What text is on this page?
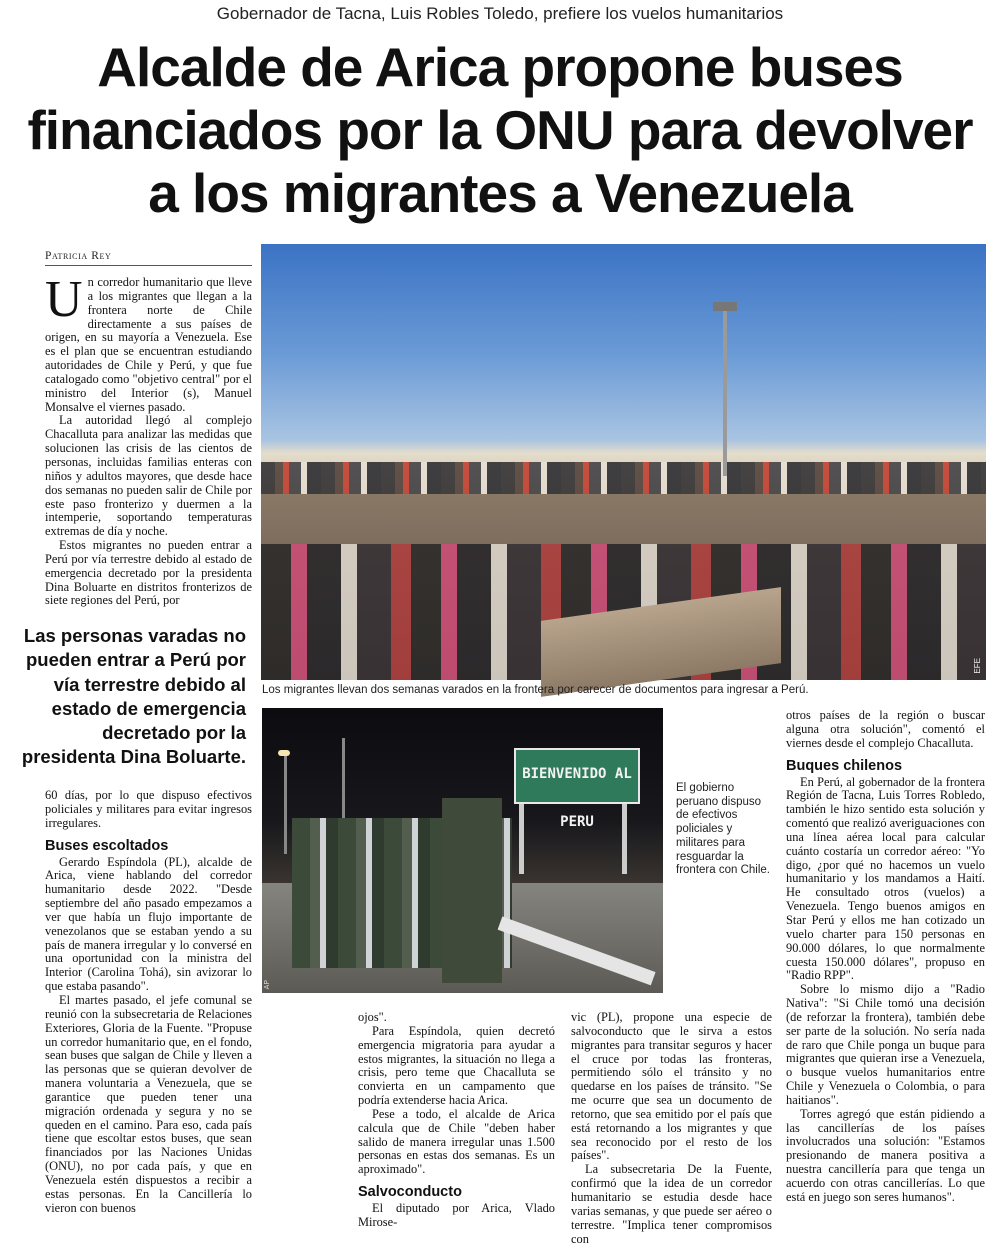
Gobernador de Tacna, Luis Robles Toledo, prefiere los vuelos humanitarios
Alcalde de Arica propone buses
financiados por la ONU para devolver
a los migrantes a Venezuela
Patricia Rey
U n corredor humanitario que lleve a los migrantes que llegan a la frontera norte de Chile directamente a sus países de origen, en su mayoría a Venezuela. Ese es el plan que se encuentran estudiando autoridades de Chile y Perú, y que fue catalogado como "objetivo central" por el ministro del Interior (s), Manuel Monsalve el viernes pasado.

La autoridad llegó al complejo Chacalluta para analizar las medidas que solucionen las crisis de las cientos de personas, incluidas familias enteras con niños y adultos mayores, que desde hace dos semanas no pueden salir de Chile por este paso fronterizo y duermen a la intemperie, soportando temperaturas extremas de día y noche.

Estos migrantes no pueden entrar a Perú por vía terrestre debido al estado de emergencia decretado por la presidenta Dina Boluarte en distritos fronterizos de siete regiones del Perú, por

Las personas varadas no pueden entrar a Perú por vía terrestre debido al estado de emergencia decretado por la presidenta Dina Boluarte.

60 días, por lo que dispuso efectivos policiales y militares para evitar ingresos irregulares.

Buses escoltados

Gerardo Espíndola (PL), alcalde de Arica, viene hablando del corredor humanitario desde 2022. "Desde septiembre del año pasado empezamos a ver que había un flujo importante de venezolanos que se estaban yendo a su país de manera irregular y lo conversé en una oportunidad con la ministra del Interior (Carolina Tohá), sin avizorar lo que estaba pasando".

El martes pasado, el jefe comunal se reunió con la subsecretaria de Relaciones Exteriores, Gloria de la Fuente. "Propuse un corredor humanitario que, en el fondo, sean buses que salgan de Chile y lleven a las personas que se quieran devolver de manera voluntaria a Venezuela, que se garantice que pueden tener una migración ordenada y segura y no se queden en el camino. Para eso, cada país tiene que escoltar estos buses, que sean financiados por las Naciones Unidas (ONU), no por cada país, y que en Venezuela estén dispuestos a recibir a estas personas. En la Cancillería lo vieron con buenos

EFE
Los migrantes llevan dos semanas varados en la frontera por carecer de documentos para ingresar a Perú.
BIENVENIDO AL PERU
AP
El gobierno peruano dispuso de efectivos policiales y militares para resguardar la frontera con Chile.

ojos".

Para Espíndola, quien decretó emergencia migratoria para ayudar a estos migrantes, la situación no llega a crisis, pero teme que Chacalluta se convierta en un campamento que podría extenderse hacia Arica.

Pese a todo, el alcalde de Arica calcula que de Chile "deben haber salido de manera irregular unas 1.500 personas en estas dos semanas. Es un aproximado".

Salvoconducto

El diputado por Arica, Vlado Mirose-

vic (PL), propone una especie de salvoconducto que le sirva a estos migrantes para transitar seguros y hacer el cruce por todas las fronteras, permitiendo sólo el tránsito y no quedarse en los países de tránsito. "Se me ocurre que sea un documento de retorno, que sea emitido por el país que está retornando a los migrantes y que sea reconocido por el resto de los países".

La subsecretaria De la Fuente, confirmó que la idea de un corredor humanitario se estudia desde hace varias semanas, y que puede ser aéreo o terrestre. "Implica tener compromisos con

otros países de la región o buscar alguna otra solución", comentó el viernes desde el complejo Chacalluta.

Buques chilenos

En Perú, al gobernador de la frontera Región de Tacna, Luis Torres Robledo, también le hizo sentido esta solución y comentó que realizó averiguaciones con una línea aérea local para calcular cuánto costaría un corredor aéreo: "Yo digo, ¿por qué no hacemos un vuelo humanitario y los mandamos a Haití. He consultado otros (vuelos) a Venezuela. Tengo buenos amigos en Star Perú y ellos me han cotizado un vuelo charter para 150 personas en 90.000 dólares, lo que normalmente cuesta 150.000 dólares", propuso en "Radio RPP".

Sobre lo mismo dijo a "Radio Nativa": "Si Chile tomó una decisión (de reforzar la frontera), también debe ser parte de la solución. No sería nada de raro que Chile ponga un buque para migrantes que quieran irse a Venezuela, o busque vuelos humanitarios entre Chile y Venezuela o Colombia, o para haitianos".

Torres agregó que están pidiendo a las cancillerías de los países involucrados una solución: "Estamos presionando de manera positiva a nuestra cancillería para que tenga un acuerdo con otras cancillerías. Lo que está en juego son seres humanos".
